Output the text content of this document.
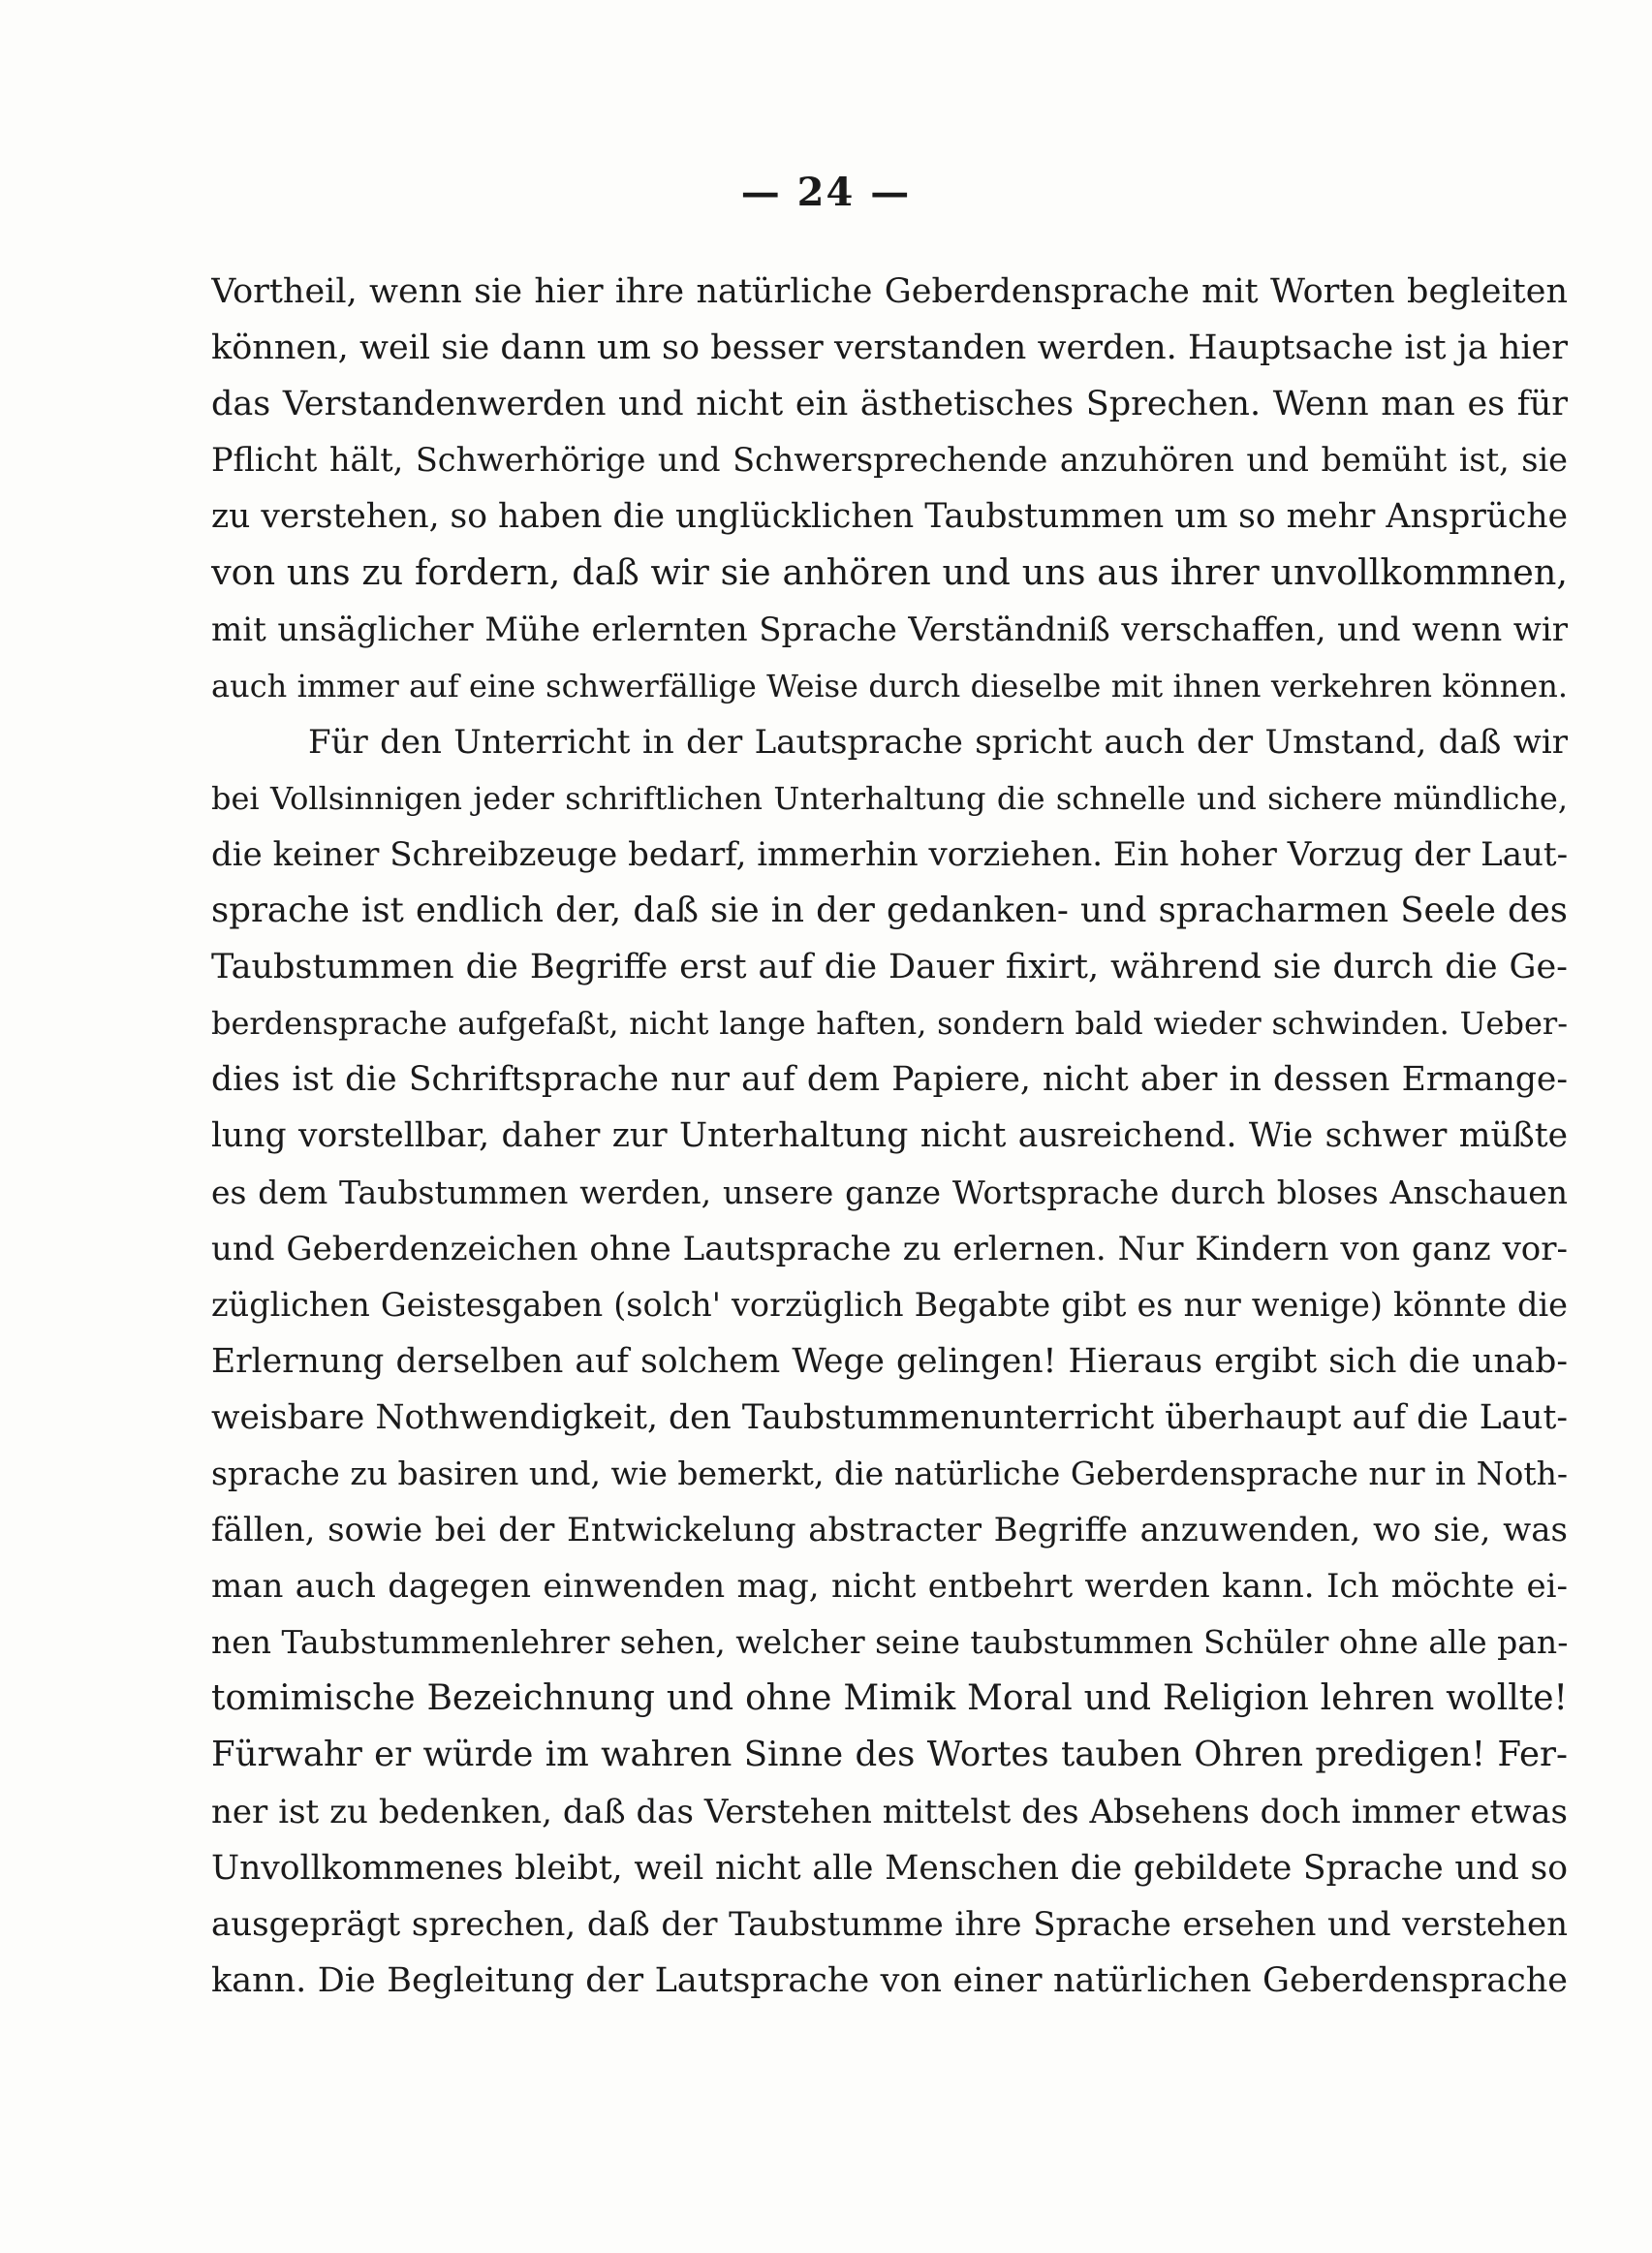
— 24 —
Vortheil, wenn sie hier ihre natürliche Geberdensprache mit Worten begleiten
können, weil sie dann um so besser verstanden werden. Hauptsache ist ja hier
das Verstandenwerden und nicht ein ästhetisches Sprechen. Wenn man es für
Pflicht hält, Schwerhörige und Schwersprechende anzuhören und bemüht ist, sie
zu verstehen, so haben die unglücklichen Taubstummen um so mehr Ansprüche
von uns zu fordern, daß wir sie anhören und uns aus ihrer unvollkommnen,
mit unsäglicher Mühe erlernten Sprache Verständniß verschaffen, und wenn wir
auch immer auf eine schwerfällige Weise durch dieselbe mit ihnen verkehren können.
Für den Unterricht in der Lautsprache spricht auch der Umstand, daß wir
bei Vollsinnigen jeder schriftlichen Unterhaltung die schnelle und sichere mündliche,
die keiner Schreibzeuge bedarf, immerhin vorziehen. Ein hoher Vorzug der Laut-
sprache ist endlich der, daß sie in der gedanken- und spracharmen Seele des
Taubstummen die Begriffe erst auf die Dauer fixirt, während sie durch die Ge-
berdensprache aufgefaßt, nicht lange haften, sondern bald wieder schwinden. Ueber-
dies ist die Schriftsprache nur auf dem Papiere, nicht aber in dessen Ermange-
lung vorstellbar, daher zur Unterhaltung nicht ausreichend. Wie schwer müßte
es dem Taubstummen werden, unsere ganze Wortsprache durch bloses Anschauen
und Geberdenzeichen ohne Lautsprache zu erlernen. Nur Kindern von ganz vor-
züglichen Geistesgaben (solch' vorzüglich Begabte gibt es nur wenige) könnte die
Erlernung derselben auf solchem Wege gelingen! Hieraus ergibt sich die unab-
weisbare Nothwendigkeit, den Taubstummenunterricht überhaupt auf die Laut-
sprache zu basiren und, wie bemerkt, die natürliche Geberdensprache nur in Noth-
fällen, sowie bei der Entwickelung abstracter Begriffe anzuwenden, wo sie, was
man auch dagegen einwenden mag, nicht entbehrt werden kann. Ich möchte ei-
nen Taubstummenlehrer sehen, welcher seine taubstummen Schüler ohne alle pan-
tomimische Bezeichnung und ohne Mimik Moral und Religion lehren wollte!
Fürwahr er würde im wahren Sinne des Wortes tauben Ohren predigen! Fer-
ner ist zu bedenken, daß das Verstehen mittelst des Absehens doch immer etwas
Unvollkommenes bleibt, weil nicht alle Menschen die gebildete Sprache und so
ausgeprägt sprechen, daß der Taubstumme ihre Sprache ersehen und verstehen
kann. Die Begleitung der Lautsprache von einer natürlichen Geberdensprache
